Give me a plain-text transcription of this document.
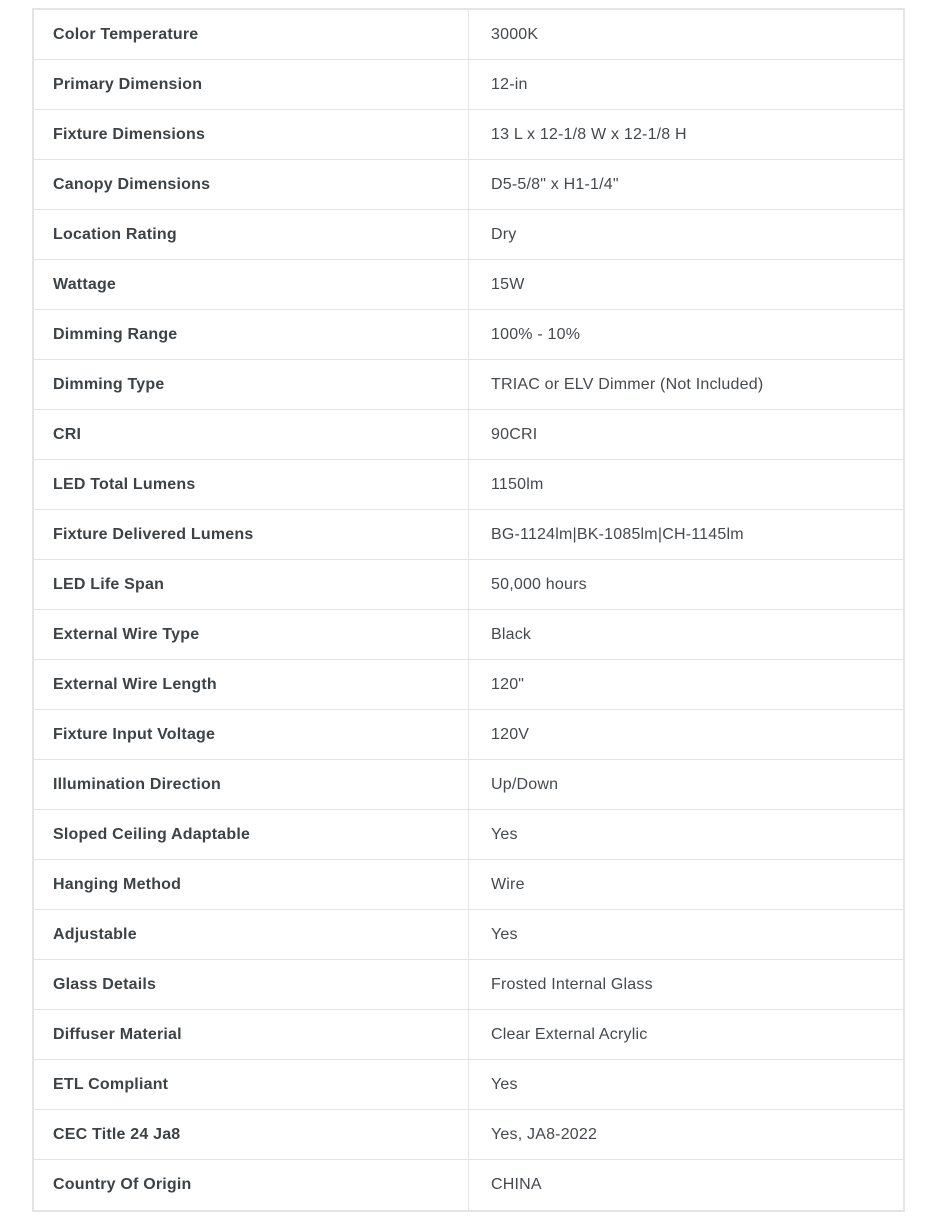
Color Temperature	3000K
Primary Dimension	12-in
Fixture Dimensions	13 L x 12-1/8 W x 12-1/8 H
Canopy Dimensions	D5-5/8" x H1-1/4"
Location Rating	Dry
Wattage	15W
Dimming Range	100% - 10%
Dimming Type	TRIAC or ELV Dimmer (Not Included)
CRI	90CRI
LED Total Lumens	1150lm
Fixture Delivered Lumens	BG-1124lm|BK-1085lm|CH-1145lm
LED Life Span	50,000 hours
External Wire Type	Black
External Wire Length	120"
Fixture Input Voltage	120V
Illumination Direction	Up/Down
Sloped Ceiling Adaptable	Yes
Hanging Method	Wire
Adjustable	Yes
Glass Details	Frosted Internal Glass
Diffuser Material	Clear External Acrylic
ETL Compliant	Yes
CEC Title 24 Ja8	Yes, JA8-2022
Country Of Origin	CHINA
